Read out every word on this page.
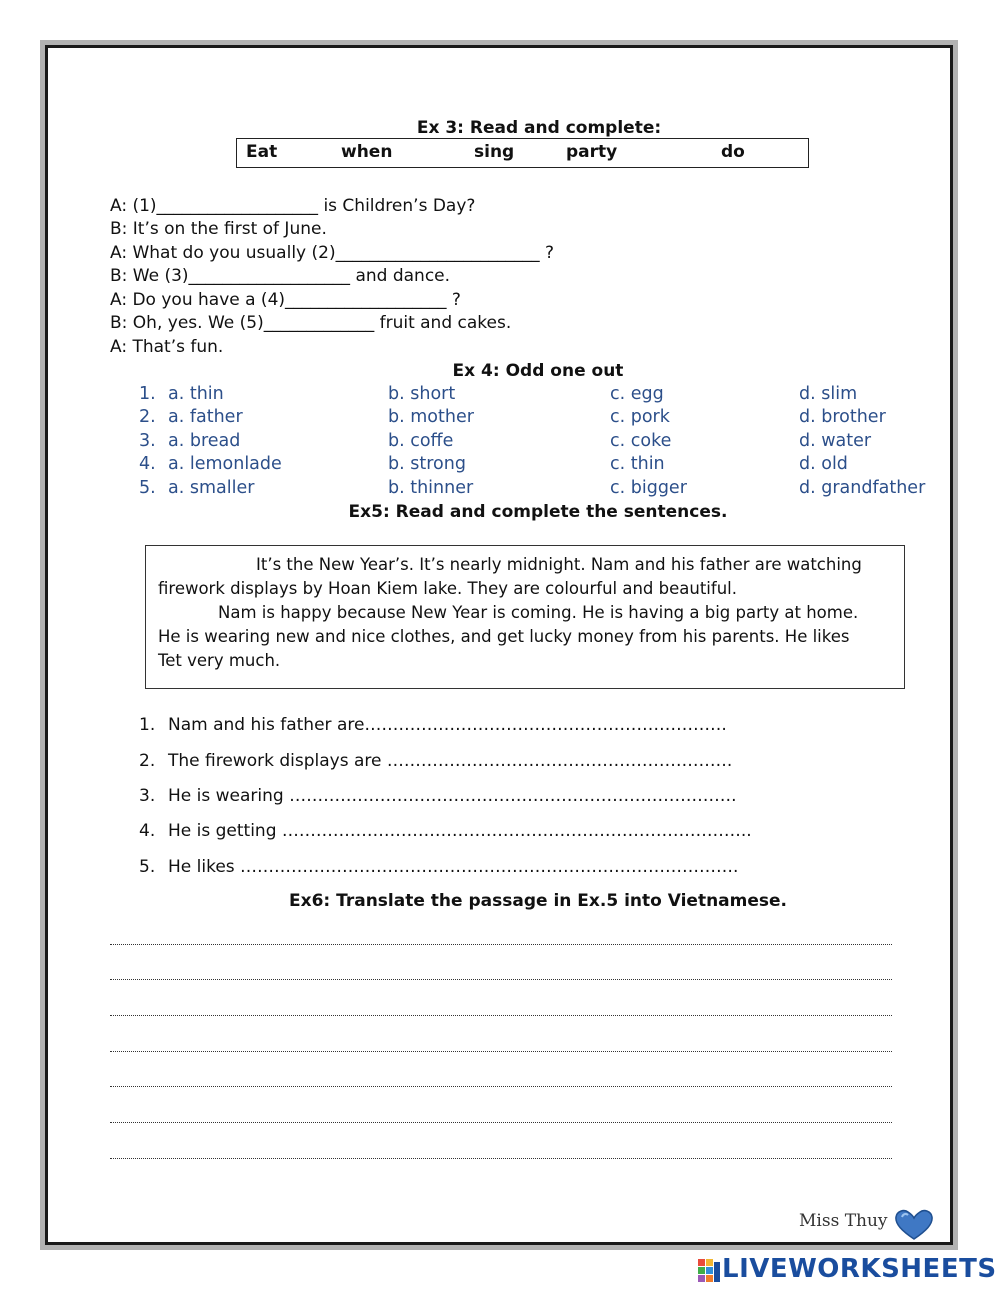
Ex 3: Read and complete:
Eat	when	sing	party	do
A: (1)___________________ is Children’s Day?
B: It’s on the first of June.
A: What do you usually (2)________________________ ?
B: We (3)___________________ and dance.
A: Do you have a (4)___________________ ?
B: Oh, yes. We (5)_____________ fruit and cakes.
A: That’s fun.
Ex 4: Odd one out
1. a. thin	b. short	c. egg	d. slim
2. a. father	b. mother	c. pork	d. brother
3. a. bread	b. coffe	c. coke	d. water
4. a. lemonlade	b. strong	c. thin	d. old
5. a. smaller	b. thinner	c. bigger	d. grandfather
Ex5: Read and complete the sentences.
It’s the New Year’s. It’s nearly midnight. Nam and his father are watching
firework displays by Hoan Kiem lake. They are colourful and beautiful.
Nam is happy because New Year is coming. He is having a big party at home.
He is wearing new and nice clothes, and get lucky money from his parents. He likes
Tet very much.
1. Nam and his father are……………………………………………………….
2. The firework displays are …………………………………………………….
3. He is wearing …………………………………………………………………….
4. He is getting ………………………………………………………………………..
5. He likes …………………………………………………………………………….
Ex6: Translate the passage in Ex.5 into Vietnamese.
Miss Thuy
LIVEWORKSHEETS
